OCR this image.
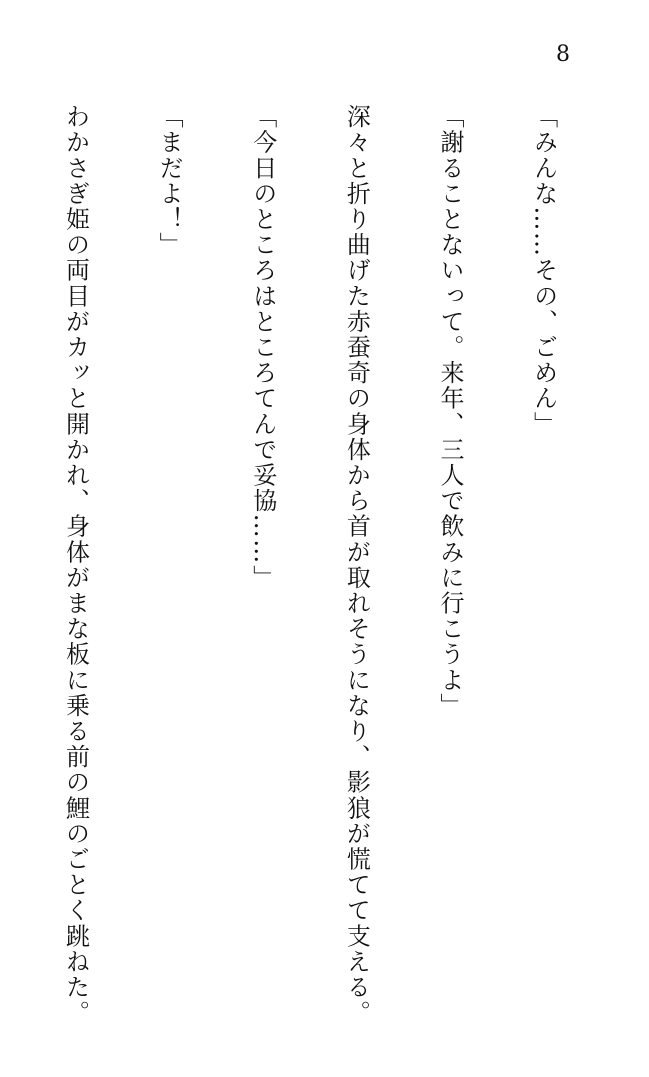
8

「みんな……その、ごめん」

「謝ることないって。来年、三人で飲みに行こうよ」

深々と折り曲げた赤蚕奇の身体から首が取れそうになり、影狼が慌てて支える。

「今日のところはところてんで妥協……」

「まだよ！」

わかさぎ姫の両目がカッと開かれ、身体がまな板に乗る前の鯉のごとく跳ねた。
